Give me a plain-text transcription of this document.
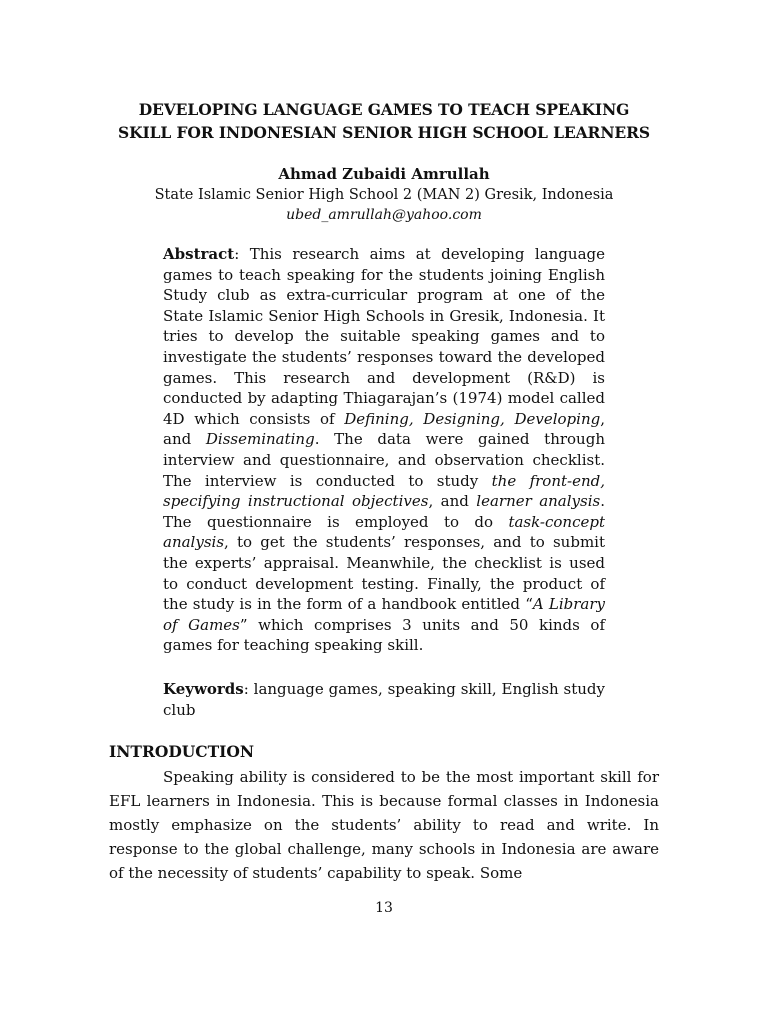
DEVELOPING LANGUAGE GAMES TO TEACH SPEAKING
SKILL FOR INDONESIAN SENIOR HIGH SCHOOL LEARNERS
Ahmad Zubaidi Amrullah
State Islamic Senior High School 2 (MAN 2) Gresik, Indonesia
ubed_amrullah@yahoo.com
Abstract: This research aims at developing language games to teach speaking for the students joining English Study club as extra-curricular program at one of the State Islamic Senior High Schools in Gresik, Indonesia. It tries to develop the suitable speaking games and to investigate the students’ responses toward the developed games. This research and development (R&D) is conducted by adapting Thiagarajan’s (1974) model called 4D which consists of Defining, Designing, Developing, and Disseminating. The data were gained through interview and questionnaire, and observation checklist. The interview is conducted to study the front-end, specifying instructional objectives, and learner analysis. The questionnaire is employed to do task-concept analysis, to get the students’ responses, and to submit the experts’ appraisal. Meanwhile, the checklist is used to conduct development testing. Finally, the product of the study is in the form of a handbook entitled “A Library of Games” which comprises 3 units and 50 kinds of games for teaching speaking skill.
Keywords: language games, speaking skill, English study club
INTRODUCTION
Speaking ability is considered to be the most important skill for EFL learners in Indonesia. This is because formal classes in Indonesia mostly emphasize on the students’ ability to read and write. In response to the global challenge, many schools in Indonesia are aware of the necessity of students’ capability to speak. Some
13
